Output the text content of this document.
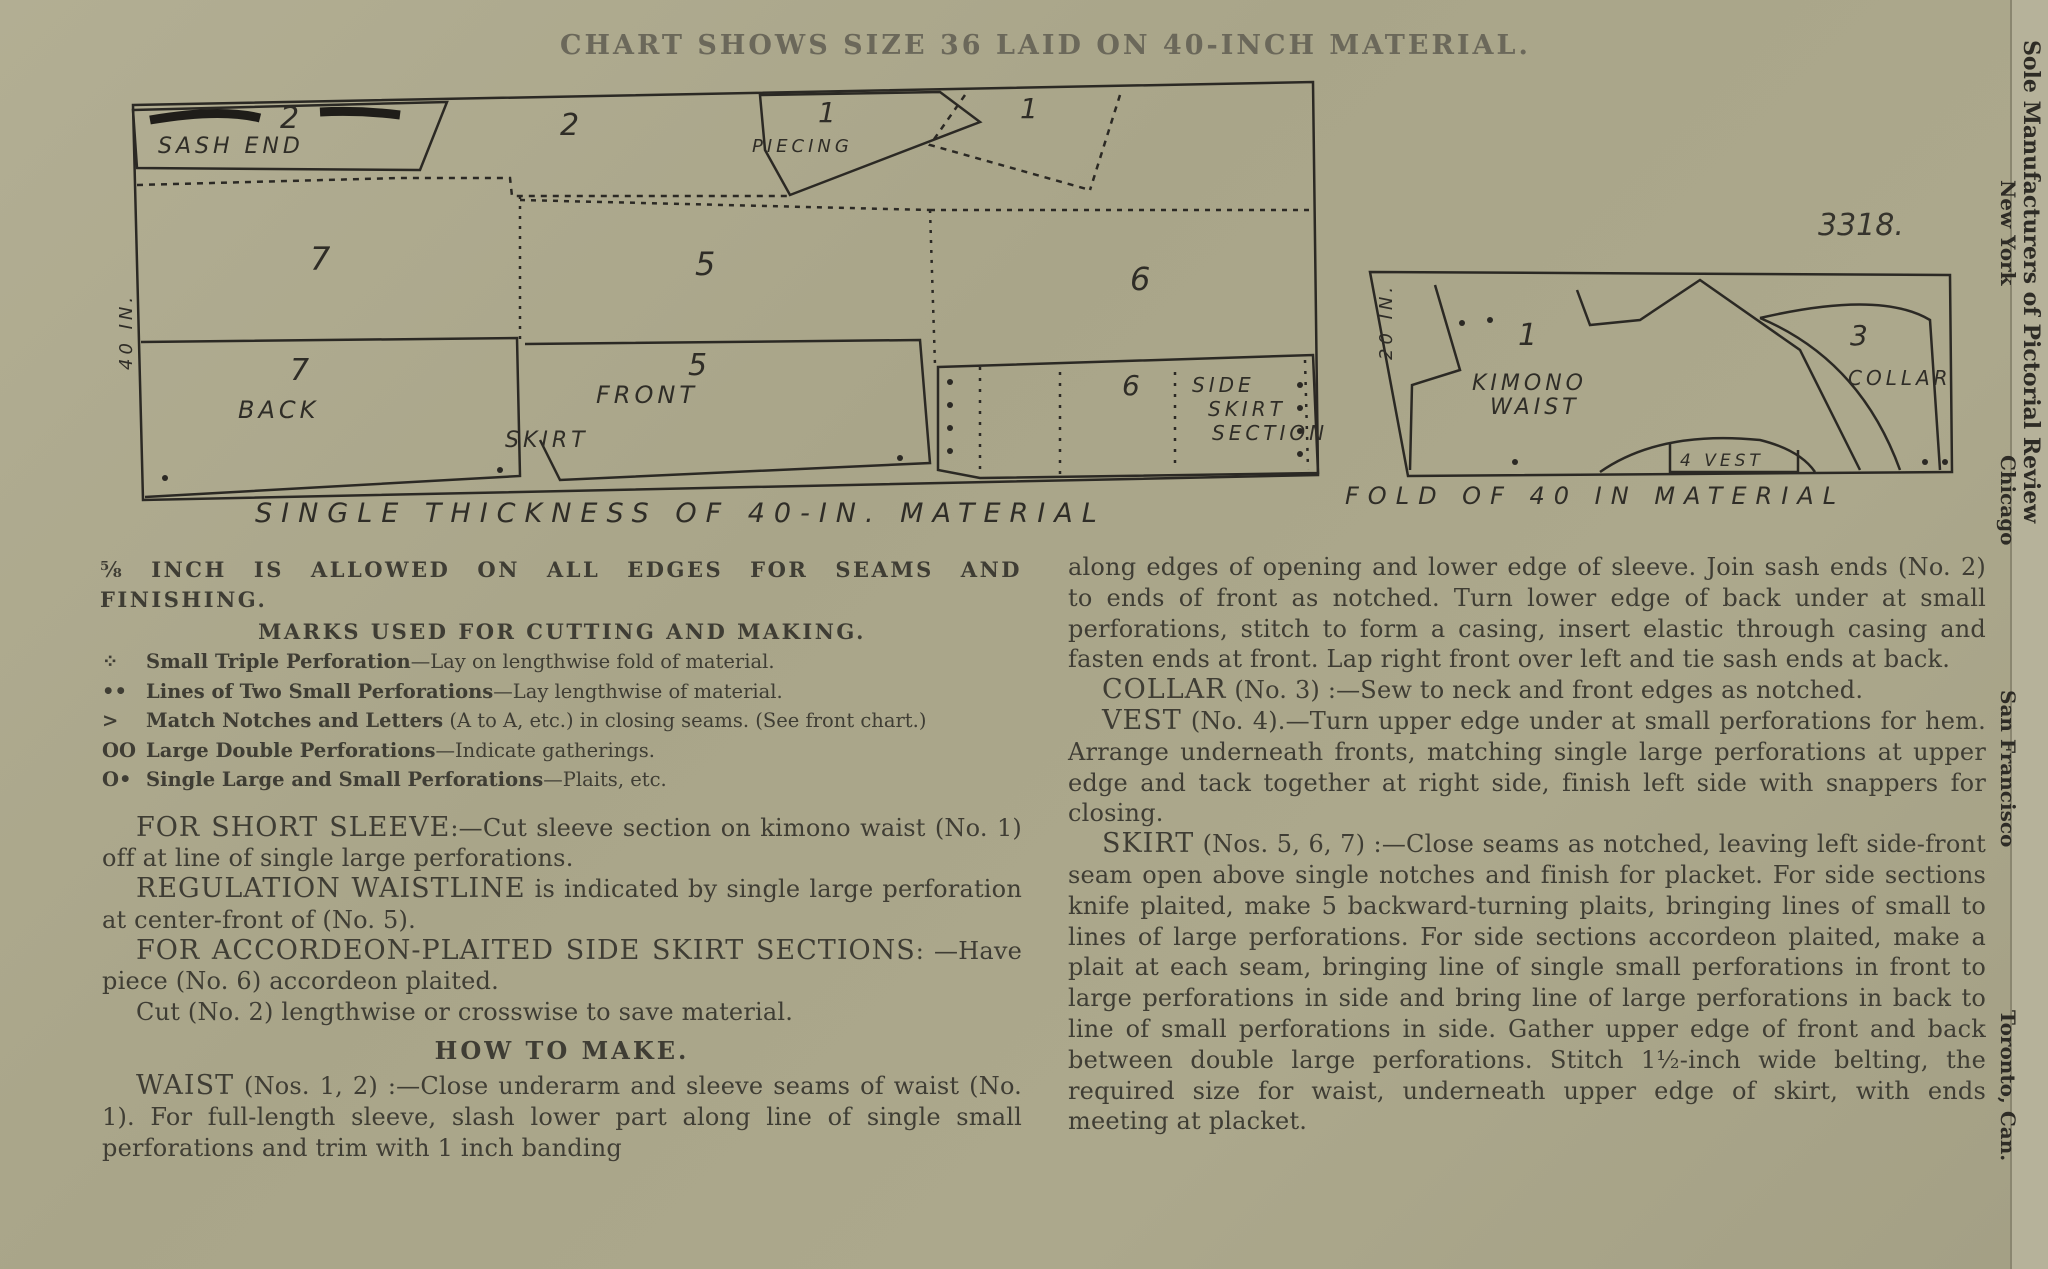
CHART SHOWS SIZE 36 LAID ON 40-INCH MATERIAL.
3318.
2
SASH END
2	1
PIECING
1
7	5	6
7
BACK
5
FRONT
SKIRT
6 SIDE
SKIRT
SECTION
40 IN.	1
KIMONO
WAIST
3
COLLAR
4 VEST
20 IN.
SINGLE THICKNESS OF 40-IN. MATERIAL
FOLD OF 40 IN MATERIAL

⅝ INCH IS ALLOWED ON ALL EDGES FOR SEAMS AND FINISHING.

MARKS USED FOR CUTTING AND MAKING.

⁘ Small Triple Perforation—Lay on lengthwise fold of material.

•• Lines of Two Small Perforations—Lay lengthwise of material.

> Match Notches and Letters (A to A, etc.) in closing seams. (See front chart.)

OO Large Double Perforations—Indicate gatherings.

O• Single Large and Small Perforations—Plaits, etc.

FOR SHORT SLEEVE:—Cut sleeve section on kimono waist (No. 1) off at line of single large perforations.

REGULATION WAISTLINE is indicated by single large perforation at center-front of (No. 5).

FOR ACCORDEON-PLAITED SIDE SKIRT SECTIONS: —Have piece (No. 6) accordeon plaited.

Cut (No. 2) lengthwise or crosswise to save material.

HOW TO MAKE.

WAIST (Nos. 1, 2) :—Close underarm and sleeve seams of waist (No. 1). For full-length sleeve, slash lower part along line of single small perforations and trim with 1 inch banding

along edges of opening and lower edge of sleeve. Join sash ends (No. 2) to ends of front as notched. Turn lower edge of back under at small perforations, stitch to form a casing, insert elastic through casing and fasten ends at front. Lap right front over left and tie sash ends at back.

COLLAR (No. 3) :—Sew to neck and front edges as notched.

VEST (No. 4).—Turn upper edge under at small perforations for hem. Arrange underneath fronts, matching single large perforations at upper edge and tack together at right side, finish left side with snappers for closing.

SKIRT (Nos. 5, 6, 7) :—Close seams as notched, leaving left side-front seam open above single notches and finish for placket. For side sections knife plaited, make 5 backward-turning plaits, bringing lines of small to lines of large perforations. For side sections accordeon plaited, make a plait at each seam, bringing line of single small perforations in front to large perforations in side and bring line of large perforations in back to line of small perforations in side. Gather upper edge of front and back between double large perforations. Stitch 1½-inch wide belting, the required size for waist, underneath upper edge of skirt, with ends meeting at placket.

Sole Manufacturers of Pictorial Review
New York
Chicago
San Francisco
Toronto, Can.
